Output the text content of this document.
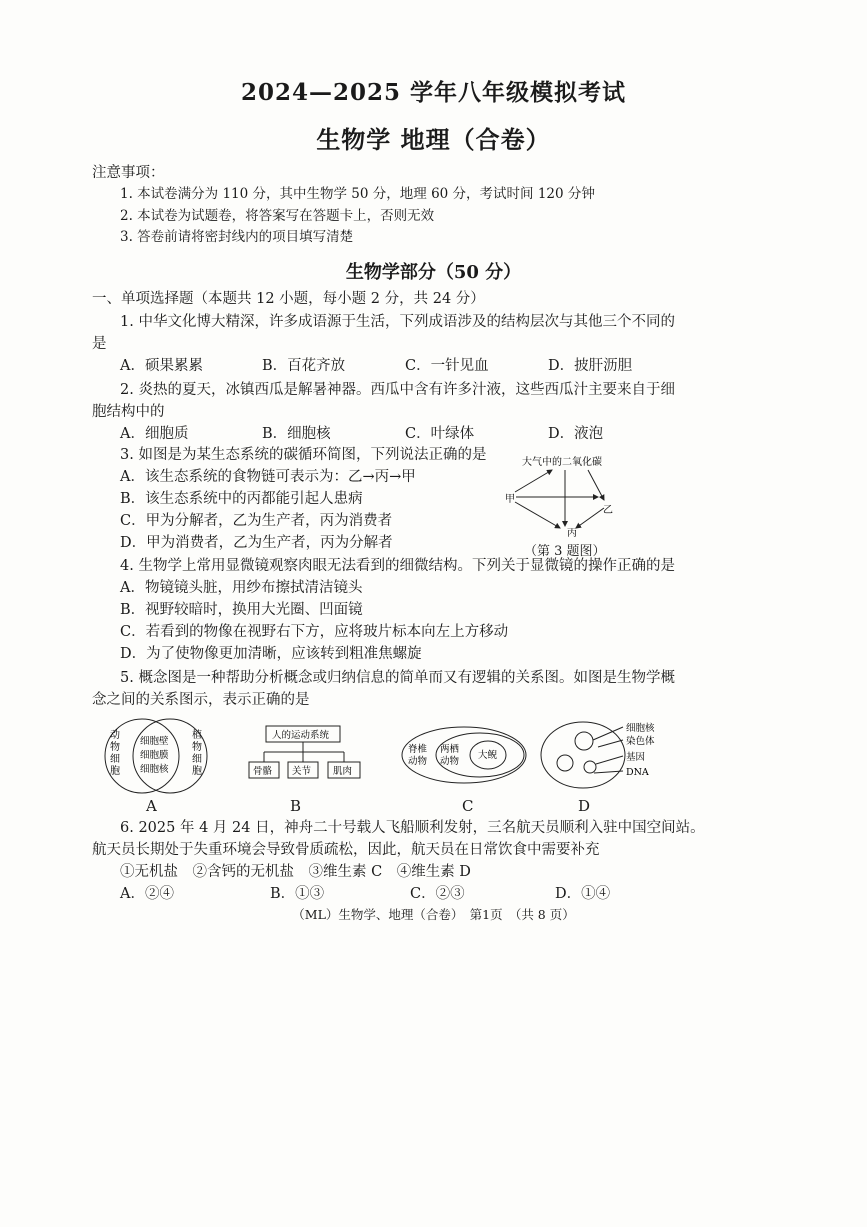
2024—2025 学年八年级模拟考试
生物学 地理（合卷）
注意事项：
1. 本试卷满分为 110 分，其中生物学 50 分，地理 60 分，考试时间 120 分钟
2. 本试卷为试题卷，将答案写在答题卡上，否则无效
3. 答卷前请将密封线内的项目填写清楚
生物学部分（50 分）
一、单项选择题（本题共 12 小题，每小题 2 分，共 24 分）
1. 中华文化博大精深，许多成语源于生活，下列成语涉及的结构层次与其他三个不同的
是
A．硕果累累	B．百花齐放	C．一针见血	D．披肝沥胆
2. 炎热的夏天，冰镇西瓜是解暑神器。西瓜中含有许多汁液，这些西瓜汁主要来自于细
胞结构中的
A．细胞质	B．细胞核	C．叶绿体	D．液泡
3. 如图是为某生态系统的碳循环简图，下列说法正确的是
A．该生态系统的食物链可表示为：乙→丙→甲
B．该生态系统中的丙都能引起人患病
C．甲为分解者，乙为生产者，丙为消费者
D．甲为消费者，乙为生产者，丙为分解者
大气中的二氧化碳
甲
乙
丙
（第 3 题图）
4. 生物学上常用显微镜观察肉眼无法看到的细微结构。下列关于显微镜的操作正确的是
A．物镜镜头脏，用纱布擦拭清洁镜头
B．视野较暗时，换用大光圈、凹面镜
C．若看到的物像在视野右下方，应将玻片标本向左上方移动
D．为了使物像更加清晰，应该转到粗准焦螺旋
5. 概念图是一种帮助分析概念或归纳信息的简单而又有逻辑的关系图。如图是生物学概
念之间的关系图示，表示正确的是
动物细胞
细胞壁
细胞膜
细胞核
植物细胞
A
人的运动系统
骨骼 关节 肌肉
B
脊椎动物
两栖动物
大鲵
C
细胞核
染色体
基因
DNA
D
6. 2025 年 4 月 24 日，神舟二十号载人飞船顺利发射，三名航天员顺利入驻中国空间站。
航天员长期处于失重环境会导致骨质疏松，因此，航天员在日常饮食中需要补充
①无机盐　②含钙的无机盐　③维生素 C　④维生素 D
A．②④	B．①③	C．②③	D．①④
（ML）生物学、地理（合卷）　第1页　（共 8 页）
